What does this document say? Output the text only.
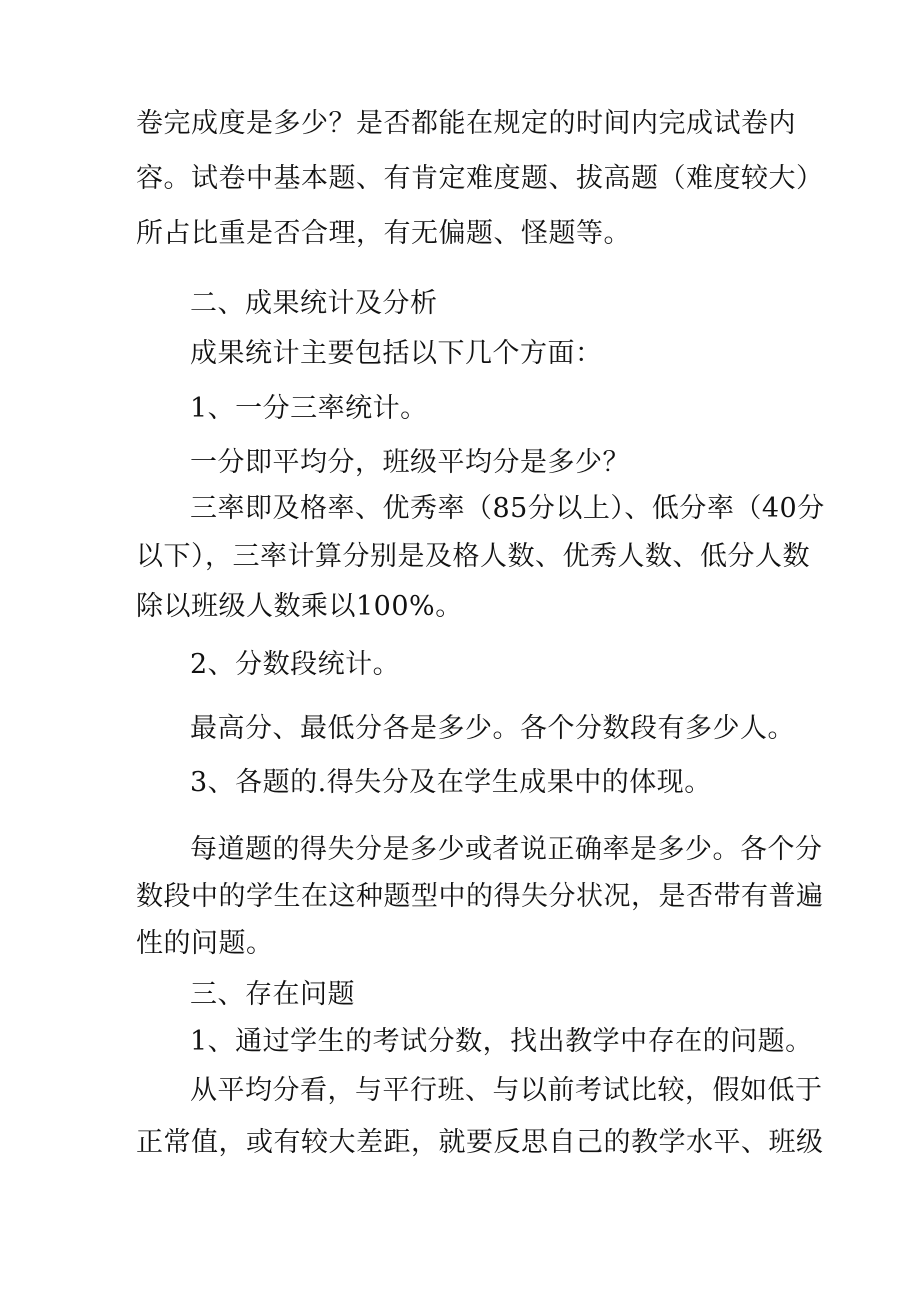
卷完成度是多少？是否都能在规定的时间内完成试卷内
容。试卷中基本题、有肯定难度题、拔高题（难度较大）
所占比重是否合理，有无偏题、怪题等。
二、成果统计及分析
成果统计主要包括以下几个方面：
1、一分三率统计。
一分即平均分，班级平均分是多少？
三率即及格率、优秀率（85分以上）、低分率（40分
以下），三率计算分别是及格人数、优秀人数、低分人数
除以班级人数乘以100%。
2、分数段统计。
最高分、最低分各是多少。各个分数段有多少人。
3、各题的.得失分及在学生成果中的体现。
每道题的得失分是多少或者说正确率是多少。各个分
数段中的学生在这种题型中的得失分状况，是否带有普遍
性的问题。
三、存在问题
1、通过学生的考试分数，找出教学中存在的问题。
从平均分看，与平行班、与以前考试比较，假如低于
正常值，或有较大差距，就要反思自己的教学水平、班级
